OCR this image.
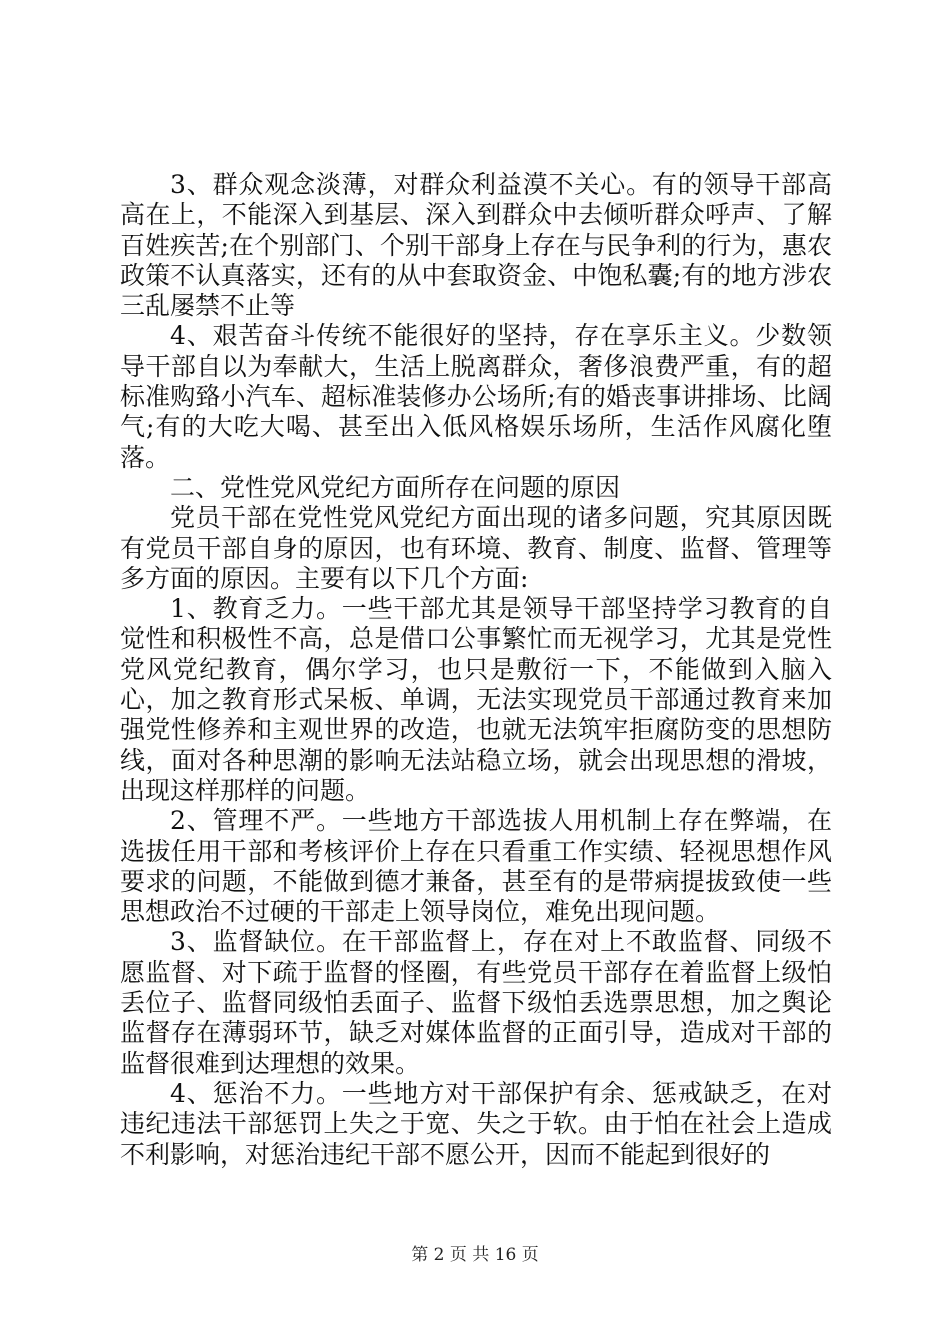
3、群众观念淡薄，对群众利益漠不关心。有的领导干部高高在上，不能深入到基层、深入到群众中去倾听群众呼声、了解百姓疾苦;在个别部门、个别干部身上存在与民争利的行为，惠农政策不认真落实，还有的从中套取资金、中饱私囊;有的地方涉农三乱屡禁不止等

4、艰苦奋斗传统不能很好的坚持，存在享乐主义。少数领导干部自以为奉献大，生活上脱离群众，奢侈浪费严重，有的超标准购臵小汽车、超标准装修办公场所;有的婚丧事讲排场、比阔气;有的大吃大喝、甚至出入低风格娱乐场所，生活作风腐化堕落。

二、党性党风党纪方面所存在问题的原因

党员干部在党性党风党纪方面出现的诸多问题，究其原因既有党员干部自身的原因，也有环境、教育、制度、监督、管理等多方面的原因。主要有以下几个方面:

1、教育乏力。一些干部尤其是领导干部坚持学习教育的自觉性和积极性不高，总是借口公事繁忙而无视学习，尤其是党性党风党纪教育，偶尔学习，也只是敷衍一下，不能做到入脑入心，加之教育形式呆板、单调，无法实现党员干部通过教育来加强党性修养和主观世界的改造，也就无法筑牢拒腐防变的思想防线，面对各种思潮的影响无法站稳立场，就会出现思想的滑坡，出现这样那样的问题。

2、管理不严。一些地方干部选拔人用机制上存在弊端，在选拔任用干部和考核评价上存在只看重工作实绩、轻视思想作风要求的问题，不能做到德才兼备，甚至有的是带病提拔致使一些思想政治不过硬的干部走上领导岗位，难免出现问题。

3、监督缺位。在干部监督上，存在对上不敢监督、同级不愿监督、对下疏于监督的怪圈，有些党员干部存在着监督上级怕丢位子、监督同级怕丢面子、监督下级怕丢选票思想，加之舆论监督存在薄弱环节，缺乏对媒体监督的正面引导，造成对干部的监督很难到达理想的效果。

4、惩治不力。一些地方对干部保护有余、惩戒缺乏，在对违纪违法干部惩罚上失之于宽、失之于软。由于怕在社会上造成不利影响，对惩治违纪干部不愿公开，因而不能起到很好的

第 2 页 共 16 页
